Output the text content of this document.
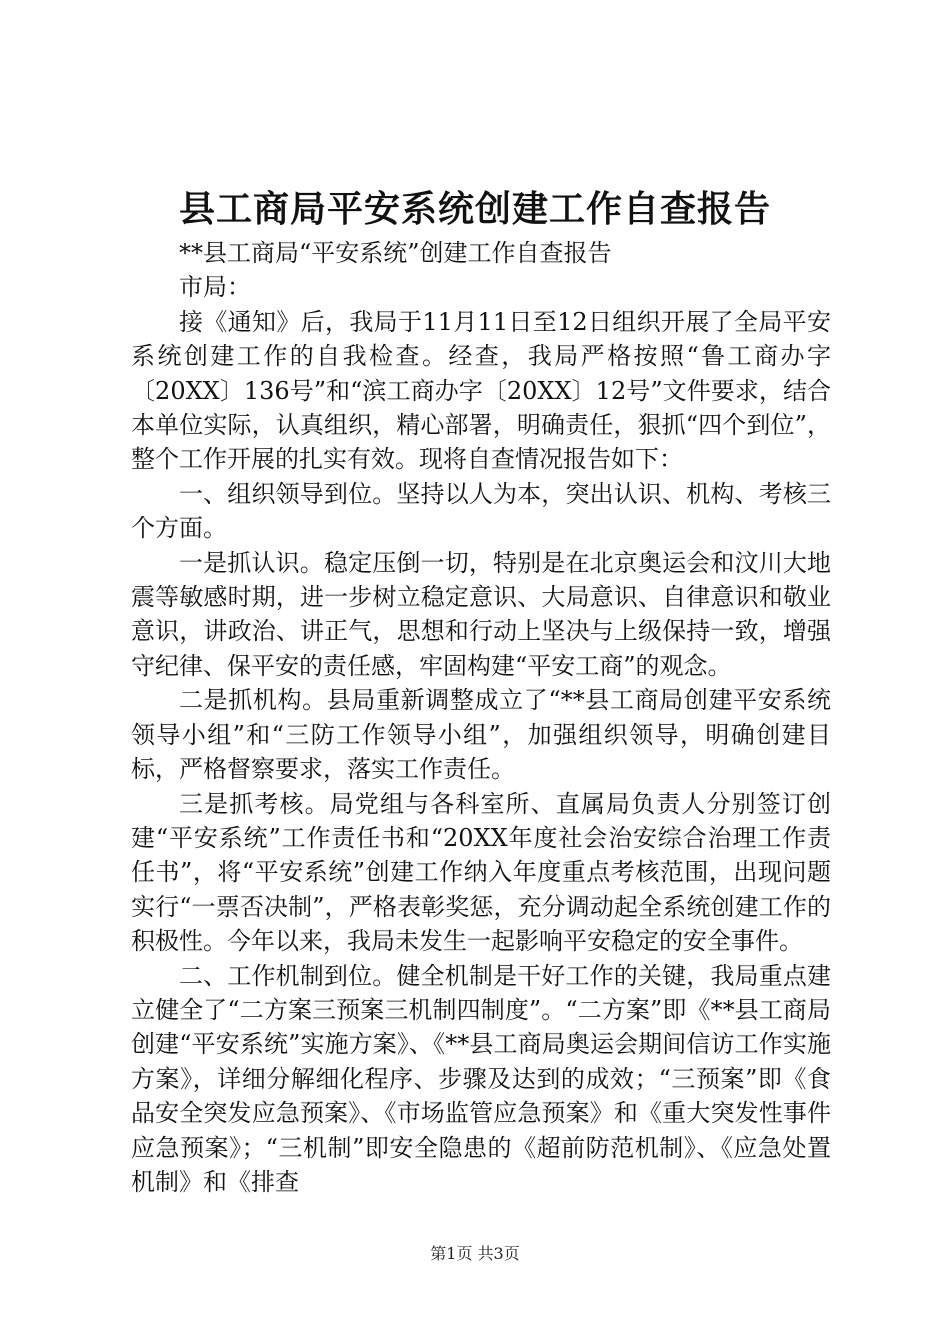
县工商局平安系统创建工作自查报告

**县工商局“平安系统”创建工作自查报告

市局：

接《通知》后，我局于11月11日至12日组织开展了全局平安系统创建工作的自我检查。经查，我局严格按照“鲁工商办字〔20XX〕136号”和“滨工商办字〔20XX〕12号”文件要求，结合本单位实际，认真组织，精心部署，明确责任，狠抓“四个到位”，整个工作开展的扎实有效。现将自查情况报告如下：

一、组织领导到位。坚持以人为本，突出认识、机构、考核三个方面。

一是抓认识。稳定压倒一切，特别是在北京奥运会和汶川大地震等敏感时期，进一步树立稳定意识、大局意识、自律意识和敬业意识，讲政治、讲正气，思想和行动上坚决与上级保持一致，增强守纪律、保平安的责任感，牢固构建“平安工商”的观念。

二是抓机构。县局重新调整成立了“**县工商局创建平安系统领导小组”和“三防工作领导小组”，加强组织领导，明确创建目标，严格督察要求，落实工作责任。

三是抓考核。局党组与各科室所、直属局负责人分别签订创建“平安系统”工作责任书和“20XX年度社会治安综合治理工作责任书”，将“平安系统”创建工作纳入年度重点考核范围，出现问题实行“一票否决制”，严格表彰奖惩，充分调动起全系统创建工作的积极性。今年以来，我局未发生一起影响平安稳定的安全事件。

二、工作机制到位。健全机制是干好工作的关键，我局重点建立健全了“二方案三预案三机制四制度”。“二方案”即《**县工商局创建“平安系统”实施方案》、《**县工商局奥运会期间信访工作实施方案》，详细分解细化程序、步骤及达到的成效；“三预案”即《食品安全突发应急预案》、《市场监管应急预案》和《重大突发性事件应急预案》；“三机制”即安全隐患的《超前防范机制》、《应急处置机制》和《排查

第1页 共3页
